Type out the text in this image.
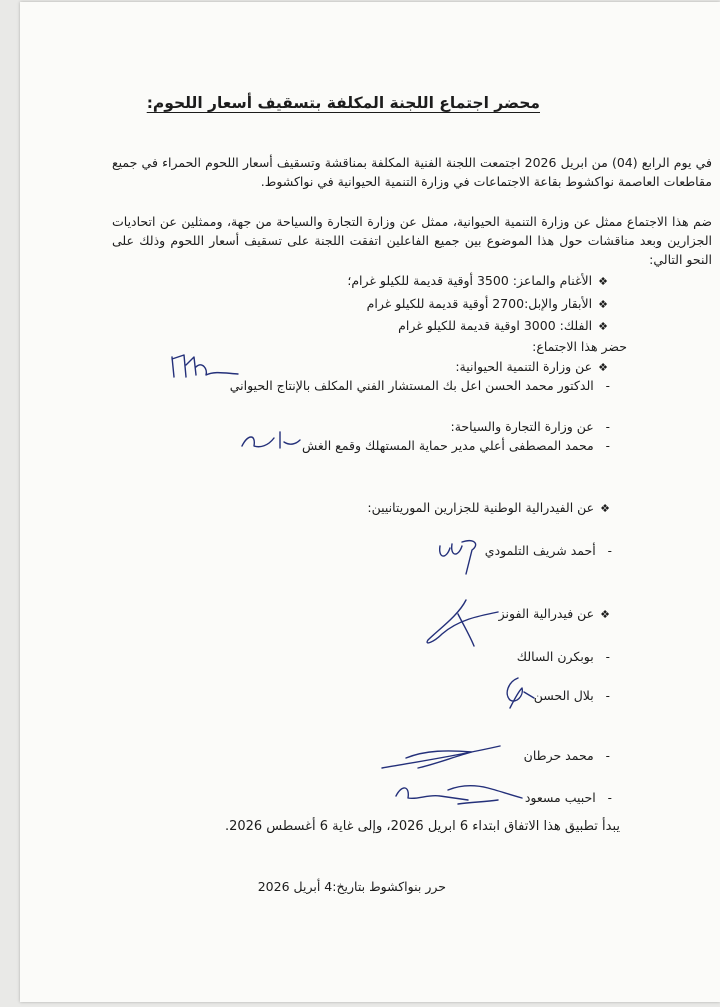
محضر اجتماع اللجنة المكلفة بتسقيف أسعار اللحوم:
في يوم الرابع (04) من ابريل 2026 اجتمعت اللجنة الفنية المكلفة بمناقشة وتسقيف أسعار اللحوم الحمراء في جميع مقاطعات العاصمة نواكشوط بقاعة الاجتماعات في وزارة التنمية الحيوانية في نواكشوط.
ضم هذا الاجتماع ممثل عن وزارة التنمية الحيوانية، ممثل عن وزارة التجارة والسياحة من جهة، وممثلين عن اتحاديات الجزارين وبعد مناقشات حول هذا الموضوع بين جميع الفاعلين اتفقت اللجنة على تسقيف أسعار اللحوم وذلك على النحو التالي:
❖الأغنام والماعز: 3500 أوقية قديمة للكيلو غرام؛
❖الأبقار والإبل:2700 أوقية قديمة للكيلو غرام
❖الفلك: 3000 اوقية قديمة للكيلو غرام
حضر هذا الاجتماع:
❖عن وزارة التنمية الحيوانية:
-   الدكتور محمد الحسن اعل بك المستشار الفني المكلف بالإنتاج الحيواني
-   عن وزارة التجارة والسياحة:
-   محمد المصطفى أعلي مدير حماية المستهلك وقمع الغش
❖عن الفيدرالية الوطنية للجزارين الموريتانيين:
-   أحمد شريف التلمودي
❖عن فيدرالية الفونز
-   بوبكرن السالك
-   بلال الحسن
-   محمد حرطان
-   احبيب مسعود
يبدأ تطبيق هذا الاتفاق ابتداء 6 ابريل 2026، وإلى غاية 6 أغسطس 2026.
حرر بنواكشوط بتاريخ:4 أبريل 2026
